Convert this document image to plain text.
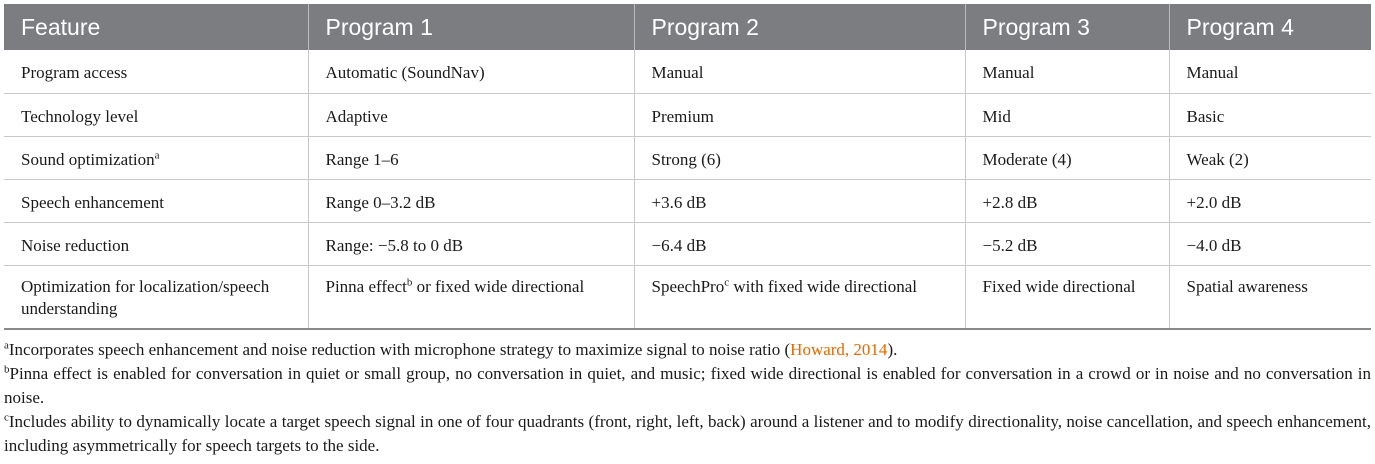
Feature	Program 1	Program 2	Program 3	Program 4
Program access	Automatic (SoundNav)	Manual	Manual	Manual
Technology level	Adaptive	Premium	Mid	Basic
Sound optimization$^a$	Range 1–6	Strong (6)	Moderate (4)	Weak (2)
Speech enhancement	Range 0–3.2 dB	+3.6 dB	+2.8 dB	+2.0 dB
Noise reduction	Range: −5.8 to 0 dB	−6.4 dB	−5.2 dB	−4.0 dB
Optimization for localization/speech understanding	Pinna effect$^b$ or fixed wide directional	SpeechPro$^c$ with fixed wide directional	Fixed wide directional	Spatial awareness

$^a$Incorporates speech enhancement and noise reduction with microphone strategy to maximize signal to noise ratio (Howard, 2014).

$^b$Pinna effect is enabled for conversation in quiet or small group, no conversation in quiet, and music; fixed wide directional is enabled for conversation in a crowd or in noise and no conversation in noise.

$^c$Includes ability to dynamically locate a target speech signal in one of four quadrants (front, right, left, back) around a listener and to modify directionality, noise cancellation, and speech enhancement, including asymmetrically for speech targets to the side.
